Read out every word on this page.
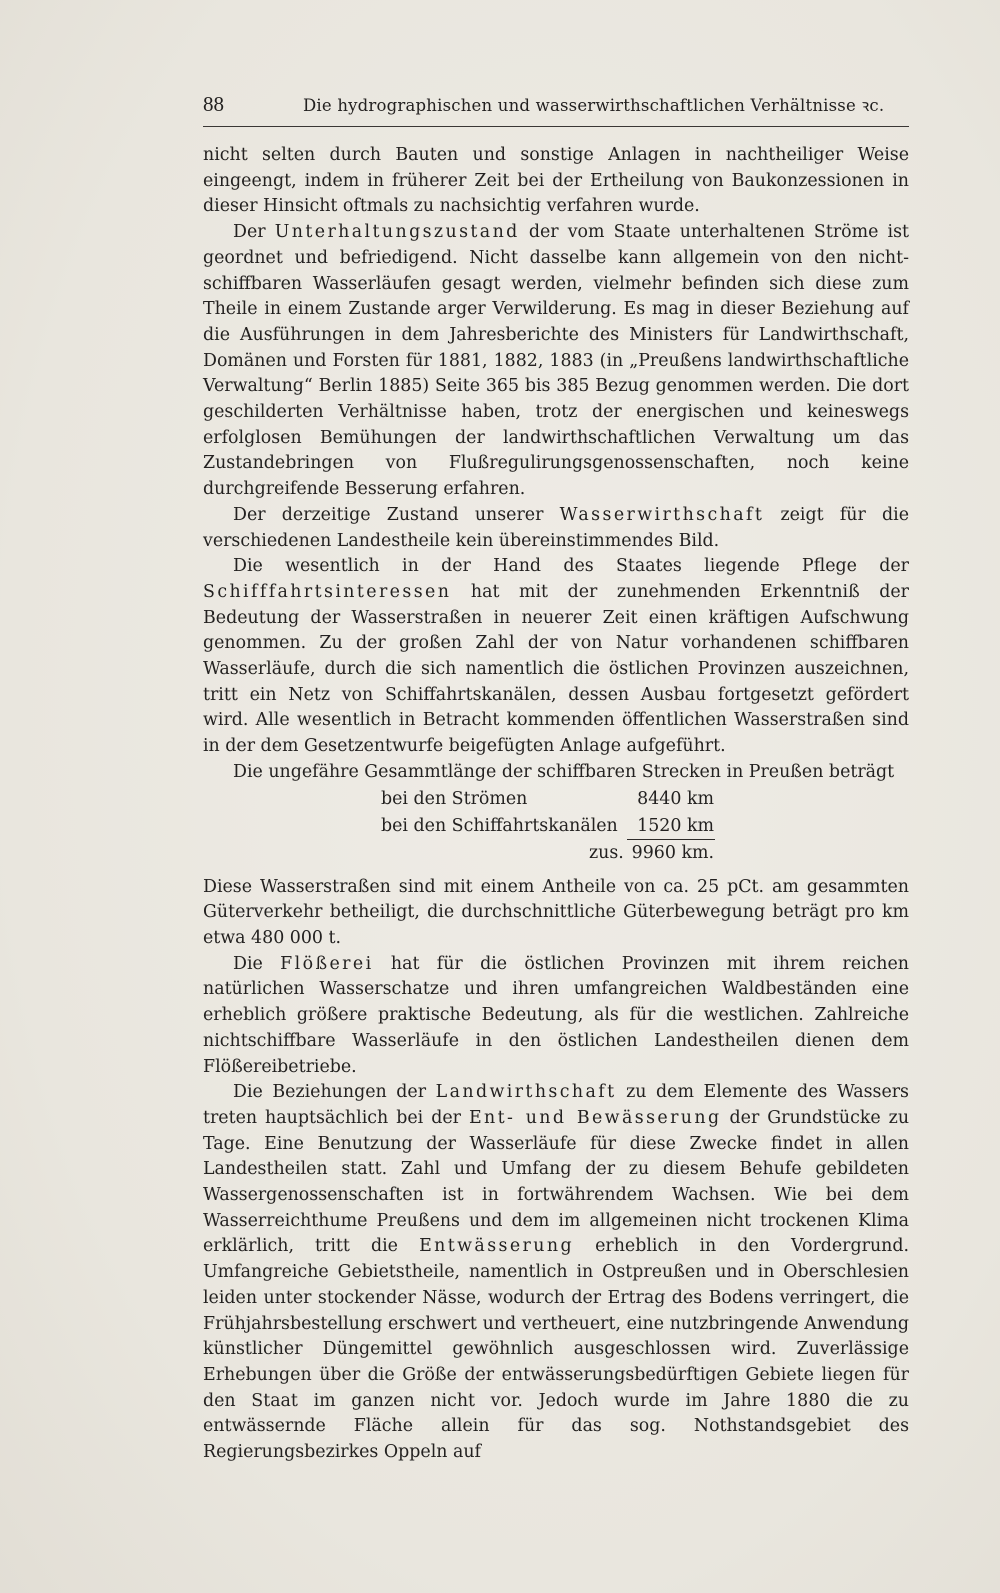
88	Die hydrographischen und wasserwirthschaftlichen Verhältnisse ꝛc.

nicht selten durch Bauten und sonstige Anlagen in nachtheiliger Weise eingeengt, indem in früherer Zeit bei der Ertheilung von Baukonzessionen in dieser Hinsicht oftmals zu nachsichtig verfahren wurde.

Der Unterhaltungszustand der vom Staate unterhaltenen Ströme ist geordnet und befriedigend. Nicht dasselbe kann allgemein von den nicht-schiffbaren Wasserläufen gesagt werden, vielmehr befinden sich diese zum Theile in einem Zustande arger Verwilderung. Es mag in dieser Beziehung auf die Ausführungen in dem Jahresberichte des Ministers für Landwirthschaft, Domänen und Forsten für 1881, 1882, 1883 (in „Preußens landwirthschaftliche Verwaltung“ Berlin 1885) Seite 365 bis 385 Bezug genommen werden. Die dort geschilderten Verhältnisse haben, trotz der energischen und keineswegs erfolglosen Bemühungen der landwirthschaftlichen Verwaltung um das Zustandebringen von Flußregulirungsgenossenschaften, noch keine durchgreifende Besserung erfahren.

Der derzeitige Zustand unserer Wasserwirthschaft zeigt für die verschiedenen Landestheile kein übereinstimmendes Bild.

Die wesentlich in der Hand des Staates liegende Pflege der Schifffahrtsinteressen hat mit der zunehmenden Erkenntniß der Bedeutung der Wasserstraßen in neuerer Zeit einen kräftigen Aufschwung genommen. Zu der großen Zahl der von Natur vorhandenen schiffbaren Wasserläufe, durch die sich namentlich die östlichen Provinzen auszeichnen, tritt ein Netz von Schiffahrtskanälen, dessen Ausbau fortgesetzt gefördert wird. Alle wesentlich in Betracht kommenden öffentlichen Wasserstraßen sind in der dem Gesetzentwurfe beigefügten Anlage aufgeführt.

Die ungefähre Gesammtlänge der schiffbaren Strecken in Preußen beträgt

bei den Strömen	8440 km
bei den Schiffahrtskanälen 1520 km
zus. 9960 km.

Diese Wasserstraßen sind mit einem Antheile von ca. 25 pCt. am gesammten Güterverkehr betheiligt, die durchschnittliche Güterbewegung beträgt pro km etwa 480 000 t.

Die Flößerei hat für die östlichen Provinzen mit ihrem reichen natürlichen Wasserschatze und ihren umfangreichen Waldbeständen eine erheblich größere praktische Bedeutung, als für die westlichen. Zahlreiche nichtschiffbare Wasserläufe in den östlichen Landestheilen dienen dem Flößereibetriebe.

Die Beziehungen der Landwirthschaft zu dem Elemente des Wassers treten hauptsächlich bei der Ent- und Bewässerung der Grundstücke zu Tage. Eine Benutzung der Wasserläufe für diese Zwecke findet in allen Landestheilen statt. Zahl und Umfang der zu diesem Behufe gebildeten Wassergenossenschaften ist in fortwährendem Wachsen. Wie bei dem Wasserreichthume Preußens und dem im allgemeinen nicht trockenen Klima erklärlich, tritt die Entwässerung erheblich in den Vordergrund. Umfangreiche Gebietstheile, namentlich in Ostpreußen und in Oberschlesien leiden unter stockender Nässe, wodurch der Ertrag des Bodens verringert, die Frühjahrsbestellung erschwert und vertheuert, eine nutzbringende Anwendung künstlicher Düngemittel gewöhnlich ausgeschlossen wird. Zuverlässige Erhebungen über die Größe der entwässerungsbedürftigen Gebiete liegen für den Staat im ganzen nicht vor. Jedoch wurde im Jahre 1880 die zu entwässernde Fläche allein für das sog. Nothstandsgebiet des Regierungsbezirkes Oppeln auf
